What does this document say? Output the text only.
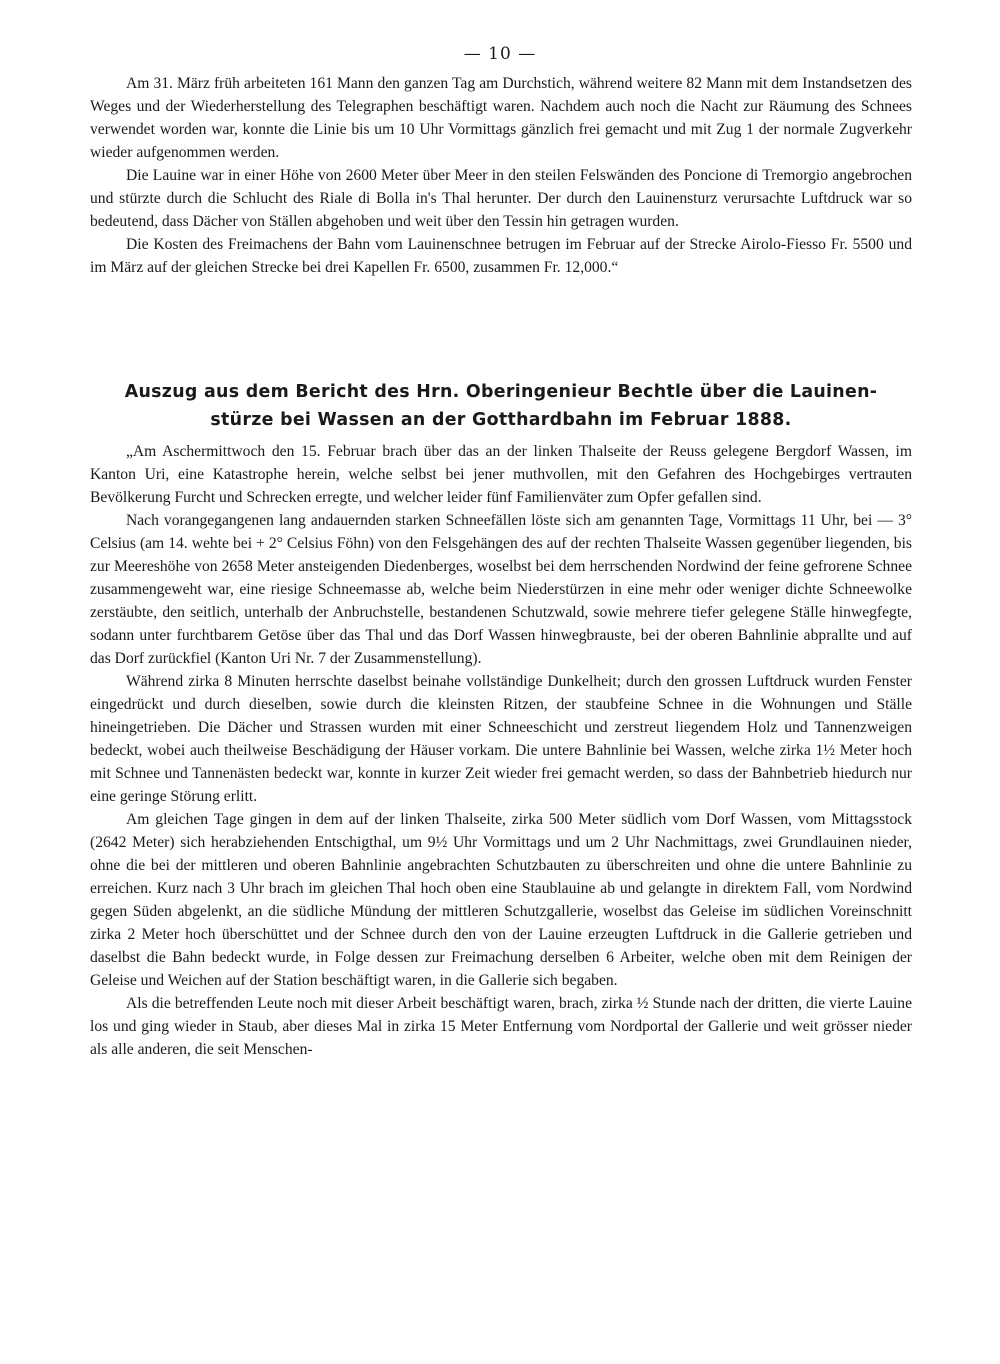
— 10 —

Am 31. März früh arbeiteten 161 Mann den ganzen Tag am Durchstich, während weitere 82 Mann mit dem Instandsetzen des Weges und der Wiederherstellung des Telegraphen beschäftigt waren. Nachdem auch noch die Nacht zur Räumung des Schnees verwendet worden war, konnte die Linie bis um 10 Uhr Vormittags gänzlich frei gemacht und mit Zug 1 der normale Zugverkehr wieder aufgenommen werden.

Die Lauine war in einer Höhe von 2600 Meter über Meer in den steilen Felswänden des Poncione di Tremorgio angebrochen und stürzte durch die Schlucht des Riale di Bolla in's Thal herunter. Der durch den Lauinensturz verursachte Luftdruck war so bedeutend, dass Dächer von Ställen abgehoben und weit über den Tessin hin getragen wurden.

Die Kosten des Freimachens der Bahn vom Lauinenschnee betrugen im Februar auf der Strecke Airolo-Fiesso Fr. 5500 und im März auf der gleichen Strecke bei drei Kapellen Fr. 6500, zusammen Fr. 12,000.“

Auszug aus dem Bericht des Hrn. Oberingenieur Bechtle über die Lauinen-
stürze bei Wassen an der Gotthardbahn im Februar 1888.

„Am Aschermittwoch den 15. Februar brach über das an der linken Thalseite der Reuss gelegene Bergdorf Wassen, im Kanton Uri, eine Katastrophe herein, welche selbst bei jener muthvollen, mit den Gefahren des Hochgebirges vertrauten Bevölkerung Furcht und Schrecken erregte, und welcher leider fünf Familienväter zum Opfer gefallen sind.

Nach vorangegangenen lang andauernden starken Schneefällen löste sich am genannten Tage, Vormittags 11 Uhr, bei — 3° Celsius (am 14. wehte bei + 2° Celsius Föhn) von den Felsgehängen des auf der rechten Thalseite Wassen gegenüber liegenden, bis zur Meereshöhe von 2658 Meter ansteigenden Diedenberges, woselbst bei dem herrschenden Nordwind der feine gefrorene Schnee zusammengeweht war, eine riesige Schneemasse ab, welche beim Niederstürzen in eine mehr oder weniger dichte Schneewolke zerstäubte, den seitlich, unterhalb der Anbruchstelle, bestandenen Schutzwald, sowie mehrere tiefer gelegene Ställe hinwegfegte, sodann unter furchtbarem Getöse über das Thal und das Dorf Wassen hinwegbrauste, bei der oberen Bahnlinie abprallte und auf das Dorf zurückfiel (Kanton Uri Nr. 7 der Zusammenstellung).

Während zirka 8 Minuten herrschte daselbst beinahe vollständige Dunkelheit; durch den grossen Luftdruck wurden Fenster eingedrückt und durch dieselben, sowie durch die kleinsten Ritzen, der staubfeine Schnee in die Wohnungen und Ställe hineingetrieben. Die Dächer und Strassen wurden mit einer Schneeschicht und zerstreut liegendem Holz und Tannenzweigen bedeckt, wobei auch theilweise Beschädigung der Häuser vorkam. Die untere Bahnlinie bei Wassen, welche zirka 1½ Meter hoch mit Schnee und Tannenästen bedeckt war, konnte in kurzer Zeit wieder frei gemacht werden, so dass der Bahnbetrieb hiedurch nur eine geringe Störung erlitt.

Am gleichen Tage gingen in dem auf der linken Thalseite, zirka 500 Meter südlich vom Dorf Wassen, vom Mittagsstock (2642 Meter) sich herabziehenden Entschigthal, um 9½ Uhr Vormittags und um 2 Uhr Nachmittags, zwei Grundlauinen nieder, ohne die bei der mittleren und oberen Bahnlinie angebrachten Schutzbauten zu überschreiten und ohne die untere Bahnlinie zu erreichen. Kurz nach 3 Uhr brach im gleichen Thal hoch oben eine Staublauine ab und gelangte in direktem Fall, vom Nordwind gegen Süden abgelenkt, an die südliche Mündung der mittleren Schutzgallerie, woselbst das Geleise im südlichen Voreinschnitt zirka 2 Meter hoch überschüttet und der Schnee durch den von der Lauine erzeugten Luftdruck in die Gallerie getrieben und daselbst die Bahn bedeckt wurde, in Folge dessen zur Freimachung derselben 6 Arbeiter, welche oben mit dem Reinigen der Geleise und Weichen auf der Station beschäftigt waren, in die Gallerie sich begaben.

Als die betreffenden Leute noch mit dieser Arbeit beschäftigt waren, brach, zirka ½ Stunde nach der dritten, die vierte Lauine los und ging wieder in Staub, aber dieses Mal in zirka 15 Meter Entfernung vom Nordportal der Gallerie und weit grösser nieder als alle anderen, die seit Menschen-
